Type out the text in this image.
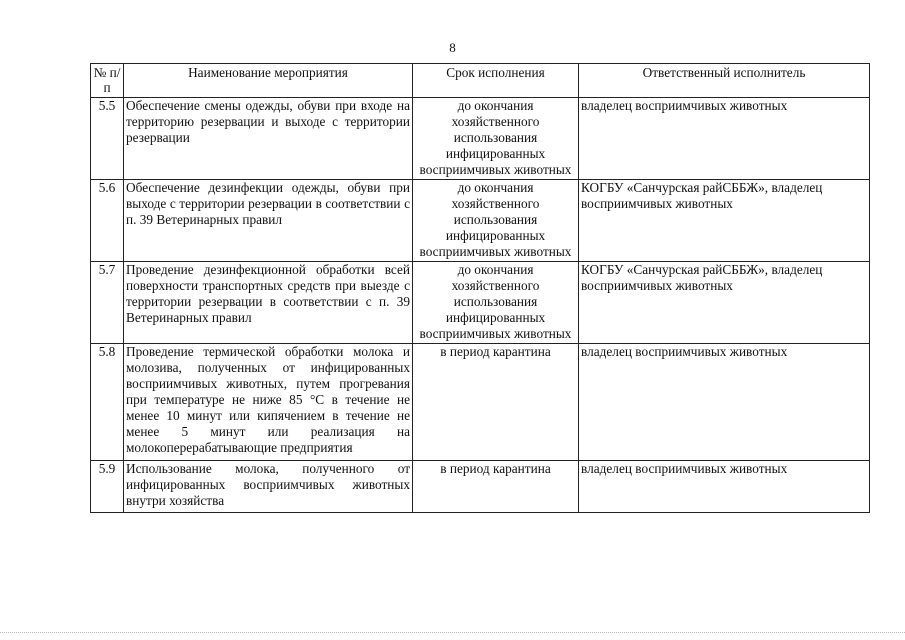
8
№ п/п	Наименование мероприятия	Срок исполнения	Ответственный исполнитель
5.5	Обеспечение смены одежды, обуви при входе на территорию резервации и выходе с территории резервации	до окончания хозяйственного использования инфицированных восприимчивых животных	владелец восприимчивых животных
5.6	Обеспечение дезинфекции одежды, обуви при выходе с территории резервации в соответствии с п. 39 Ветеринарных правил	до окончания хозяйственного использования инфицированных восприимчивых животных	КОГБУ «Санчурская райСББЖ», владелец восприимчивых животных
5.7	Проведение дезинфекционной обработки всей поверхности транспортных средств при выезде с территории резервации в соответствии с п. 39 Ветеринарных правил	до окончания хозяйственного использования инфицированных восприимчивых животных	КОГБУ «Санчурская райСББЖ», владелец восприимчивых животных
5.8	Проведение термической обработки молока и молозива, полученных от инфицированных восприимчивых животных, путем прогревания при температуре не ниже 85 °С в течение не менее 10 минут или кипячением в течение не менее 5 минут или реализация на молокоперерабатывающие предприятия	в период карантина	владелец восприимчивых животных
5.9	Использование молока, полученного от инфицированных восприимчивых животных внутри хозяйства	в период карантина	владелец восприимчивых животных
